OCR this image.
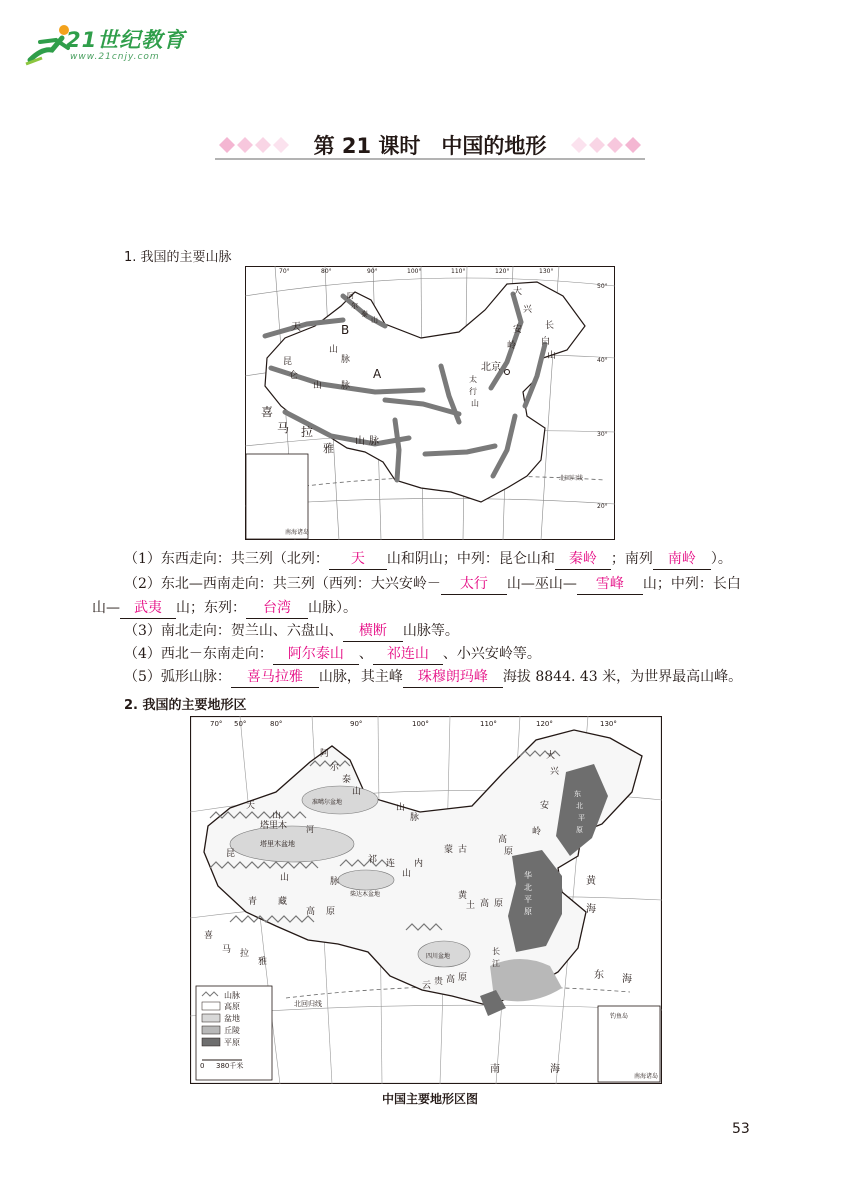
21世纪教育
www.21cnjy.com
第 21 课时　中国的地形
1. 我国的主要山脉
70°	80°	90°	100°	110°	120°	130°
50°
40°
30°
20°
天
山
脉
B
A	北京
昆
仑
山 脉
喜
马 拉
雅
山 脉
阿
尔
泰
山
大
兴
安
岭
长
白
山
太
行
山
南海诸岛
北回归线
（1）东西走向：共三列（北列： 天 山和阴山；中列：昆仑山和 秦岭 ；南列 南岭 ）。
（2）东北—西南走向：共三列（西列：大兴安岭－ 太行 山—巫山— 雪峰 山；中列：长白
山— 武夷 山；东列： 台湾 山脉）。
（3）南北走向：贺兰山、六盘山、 横断 山脉等。
（4）西北－东南走向： 阿尔泰山 、 祁连山 、小兴安岭等。
（5）弧形山脉： 喜马拉雅 山脉，其主峰 珠穆朗玛峰 海拔 8844. 43 米，为世界最高山峰。
2. 我国的主要地形区
70° 50°	80°	90°	100°	110°	120°	130°
阿
尔
泰
山
准噶尔盆地
天
山
山
脉
塔里木 河
塔里木盆地
昆
山	脉
祁 连
山
柴达木盆地
内
蒙 古
高
原
黄
土 高 原
青 藏
高 原
喜
马 拉
雅
四川盆地
云 贵 高 原
大
兴
安
岭
东
北
平
原
华
北
平
原
黄
海
东 海
南	海
长
江
北回归线
钓鱼岛
南海诸岛
山脉
高原
盆地
丘陵
平原
0 380千米
中国主要地形区图
53
